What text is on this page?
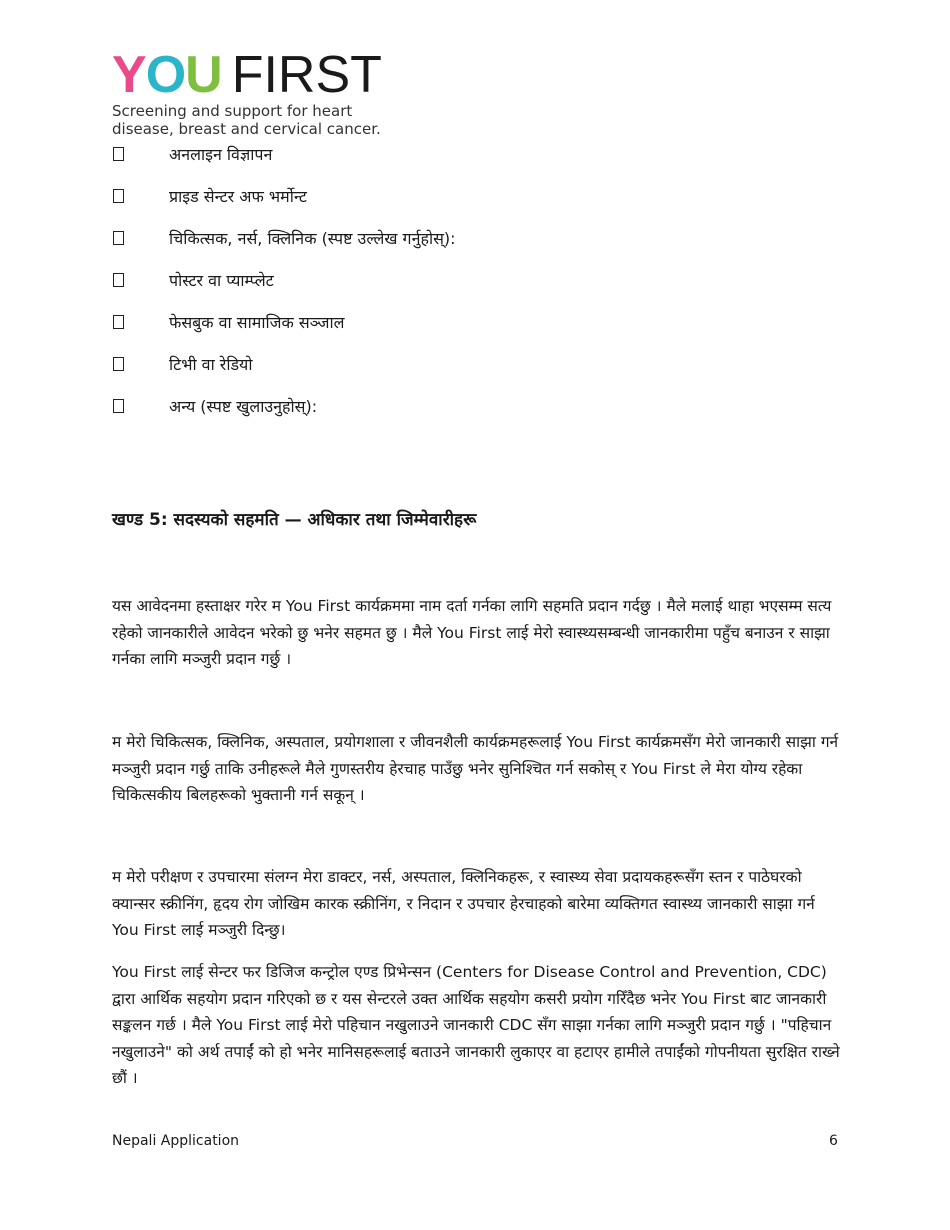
Y O U FIRST
Screening and support for heart
disease, breast and cervical cancer.
अनलाइन विज्ञापन
प्राइड सेन्टर अफ भर्मोन्ट
चिकित्सक, नर्स, क्लिनिक (स्पष्ट उल्लेख गर्नुहोस्):
पोस्टर वा प्याम्प्लेट
फेसबुक वा सामाजिक सञ्जाल
टिभी वा रेडियो
अन्य (स्पष्ट खुलाउनुहोस्):
खण्ड 5: सदस्यको सहमति — अधिकार तथा जिम्मेवारीहरू

यस आवेदनमा हस्ताक्षर गरेर म You First कार्यक्रममा नाम दर्ता गर्नका लागि सहमति प्रदान गर्दछु । मैले मलाई थाहा भएसम्म सत्य रहेको जानकारीले आवेदन भरेको छु भनेर सहमत छु । मैले You First लाई मेरो स्वास्थ्यसम्बन्धी जानकारीमा पहुँच बनाउन र साझा गर्नका लागि मञ्जुरी प्रदान गर्छु ।

म मेरो चिकित्सक, क्लिनिक, अस्पताल, प्रयोगशाला र जीवनशैली कार्यक्रमहरूलाई You First कार्यक्रमसँग मेरो जानकारी साझा गर्न मञ्जुरी प्रदान गर्छु ताकि उनीहरूले मैले गुणस्तरीय हेरचाह पाउँछु भनेर सुनिश्चित गर्न सकोस् र You First ले मेरा योग्य रहेका चिकित्सकीय बिलहरूको भुक्तानी गर्न सकून् ।

म मेरो परीक्षण र उपचारमा संलग्न मेरा डाक्टर, नर्स, अस्पताल, क्लिनिकहरू, र स्वास्थ्य सेवा प्रदायकहरूसँग स्तन र पाठेघरको क्यान्सर स्क्रीनिंग, हृदय रोग जोखिम कारक स्क्रीनिंग, र निदान र उपचार हेरचाहको बारेमा व्यक्तिगत स्वास्थ्य जानकारी साझा गर्न You First लाई मञ्जुरी दिन्छु।

You First लाई सेन्टर फर डिजिज कन्ट्रोल एण्ड प्रिभेन्सन (Centers for Disease Control and Prevention, CDC) द्वारा आर्थिक सहयोग प्रदान गरिएको छ र यस सेन्टरले उक्त आर्थिक सहयोग कसरी प्रयोग गरिँदैछ भनेर You First बाट जानकारी सङ्कलन गर्छ । मैले You First लाई मेरो पहिचान नखुलाउने जानकारी CDC सँग साझा गर्नका लागि मञ्जुरी प्रदान गर्छु । "पहिचान नखुलाउने" को अर्थ तपाईं को हो भनेर मानिसहरूलाई बताउने जानकारी लुकाएर वा हटाएर हामीले तपाईंको गोपनीयता सुरक्षित राख्ने छौं ।

Nepali Application	6
